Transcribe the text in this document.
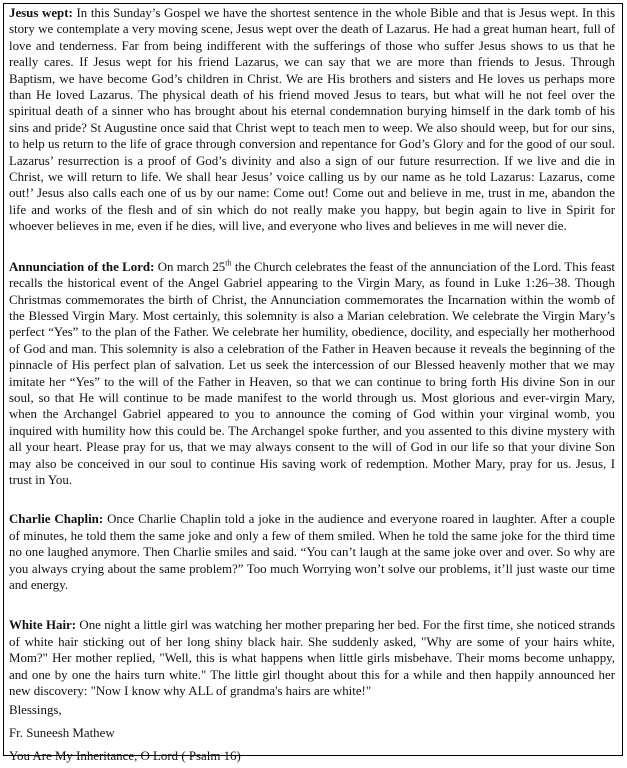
Jesus wept: In this Sunday’s Gospel we have the shortest sentence in the whole Bible and that is Jesus wept. In this story we contemplate a very moving scene, Jesus wept over the death of Lazarus. He had a great human heart, full of love and tenderness. Far from being indifferent with the sufferings of those who suffer Jesus shows to us that he really cares. If Jesus wept for his friend Lazarus, we can say that we are more than friends to Jesus. Through Baptism, we have become God’s children in Christ. We are His brothers and sisters and He loves us perhaps more than He loved Lazarus. The physical death of his friend moved Jesus to tears, but what will he not feel over the spiritual death of a sinner who has brought about his eternal condemnation burying himself in the dark tomb of his sins and pride? St Augustine once said that Christ wept to teach men to weep. We also should weep, but for our sins, to help us return to the life of grace through conversion and repentance for God’s Glory and for the good of our soul. Lazarus’ resurrection is a proof of God’s divinity and also a sign of our future resurrection. If we live and die in Christ, we will return to life. We shall hear Jesus’ voice calling us by our name as he told Lazarus: Lazarus, come out!’ Jesus also calls each one of us by our name: Come out! Come out and believe in me, trust in me, abandon the life and works of the flesh and of sin which do not really make you happy, but begin again to live in Spirit for whoever believes in me, even if he dies, will live, and everyone who lives and believes in me will never die.

Annunciation of the Lord: On march 25th the Church celebrates the feast of the annunciation of the Lord. This feast recalls the historical event of the Angel Gabriel appearing to the Virgin Mary, as found in Luke 1:26–38. Though Christmas commemorates the birth of Christ, the Annunciation commemorates the Incarnation within the womb of the Blessed Virgin Mary. Most certainly, this solemnity is also a Marian celebration. We celebrate the Virgin Mary’s perfect “Yes” to the plan of the Father. We celebrate her humility, obedience, docility, and especially her motherhood of God and man. This solemnity is also a celebration of the Father in Heaven because it reveals the beginning of the pinnacle of His perfect plan of salvation. Let us seek the intercession of our Blessed heavenly mother that we may imitate her “Yes” to the will of the Father in Heaven, so that we can continue to bring forth His divine Son in our soul, so that He will continue to be made manifest to the world through us. Most glorious and ever-virgin Mary, when the Archangel Gabriel appeared to you to announce the coming of God within your virginal womb, you inquired with humility how this could be. The Archangel spoke further, and you assented to this divine mystery with all your heart. Please pray for us, that we may always consent to the will of God in our life so that your divine Son may also be conceived in our soul to continue His saving work of redemption. Mother Mary, pray for us. Jesus, I trust in You.

Charlie Chaplin: Once Charlie Chaplin told a joke in the audience and everyone roared in laughter. After a couple of minutes, he told them the same joke and only a few of them smiled. When he told the same joke for the third time no one laughed anymore. Then Charlie smiles and said. “You can’t laugh at the same joke over and over. So why are you always crying about the same problem?” Too much Worrying won’t solve our problems, it’ll just waste our time and energy.

White Hair: One night a little girl was watching her mother preparing her bed. For the first time, she noticed strands of white hair sticking out of her long shiny black hair. She suddenly asked, "Why are some of your hairs white, Mom?" Her mother replied, "Well, this is what happens when little girls misbehave. Their moms become unhappy, and one by one the hairs turn white." The little girl thought about this for a while and then happily announced her new discovery: "Now I know why ALL of grandma's hairs are white!"

Blessings,

Fr. Suneesh Mathew

You Are My Inheritance, O Lord ( Psalm 16)
